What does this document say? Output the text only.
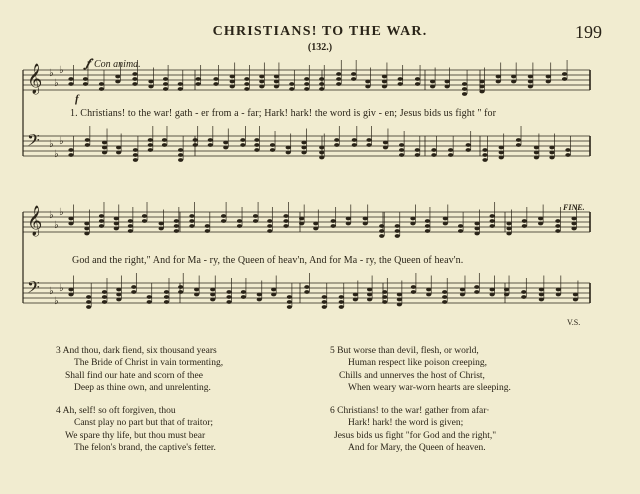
CHRISTIANS! TO THE WAR.	199
(132.)
𝆑 Con anima.
f
𝄞 ♭
♭
♭
𝄢 ♭
♭
♭
𝄞 ♭
♭
♭
𝄢 ♭
♭
♭
1. Christians! to the war! gath - er from a - far; Hark! hark! the word is giv - en; Jesus bids us fight " for
God and the right," And for Ma - ry, the Queen of heav'n, And for Ma - ry, the Queen of heav'n.
FINE.
V.S.
3 And thou, dark fiend, six thousand years
The Bride of Christ in vain tormenting,
Shall find our hate and scorn of thee
Deep as thine own, and unrelenting.
4 Ah, self! so oft forgiven, thou
Canst play no part but that of traitor;
We spare thy life, but thou must bear
The felon's brand, the captive's fetter.
5 But worse than devil, flesh, or world,
Human respect like poison creeping,
Chills and unnerves the host of Christ,
When weary war-worn hearts are sleeping.
6 Christians! to the war! gather from afar·
Hark! hark! the word is given;
Jesus bids us fight "for God and the right,"
And for Mary, the Queen of heaven.
